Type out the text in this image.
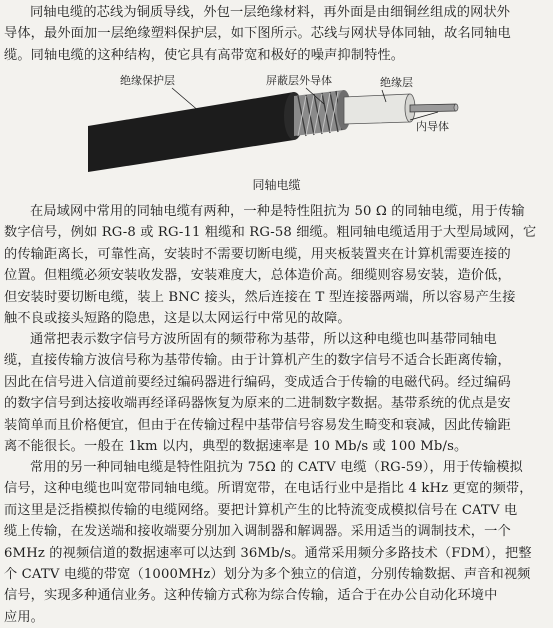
同轴电缆的芯线为铜质导线，外包一层绝缘材料，再外面是由细铜丝组成的网状外
导体，最外面加一层绝缘塑料保护层，如下图所示。芯线与网状导体同轴，故名同轴电
缆。同轴电缆的这种结构，使它具有高带宽和极好的噪声抑制特性。
绝缘保护层	屏蔽层外导体	绝缘层
内导体
同轴电缆
在局域网中常用的同轴电缆有两种，一种是特性阻抗为 50 Ω 的同轴电缆，用于传输
数字信号，例如 RG-8 或 RG-11 粗缆和 RG-58 细缆。粗同轴电缆适用于大型局域网，它
的传输距离长，可靠性高，安装时不需要切断电缆，用夹板装置夹在计算机需要连接的
位置。但粗缆必须安装收发器，安装难度大，总体造价高。细缆则容易安装，造价低，
但安装时要切断电缆，装上 BNC 接头，然后连接在 T 型连接器两端，所以容易产生接
触不良或接头短路的隐患，这是以太网运行中常见的故障。
通常把表示数字信号方波所固有的频带称为基带，所以这种电缆也叫基带同轴电
缆，直接传输方波信号称为基带传输。由于计算机产生的数字信号不适合长距离传输，
因此在信号进入信道前要经过编码器进行编码，变成适合于传输的电磁代码。经过编码
的数字信号到达接收端再经译码器恢复为原来的二进制数字数据。基带系统的优点是安
装简单而且价格便宜，但由于在传输过程中基带信号容易发生畸变和衰减，因此传输距
离不能很长。一般在 1km 以内，典型的数据速率是 10 Mb/s 或 100 Mb/s。
常用的另一种同轴电缆是特性阻抗为 75Ω 的 CATV 电缆（RG-59），用于传输模拟
信号，这种电缆也叫宽带同轴电缆。所谓宽带，在电话行业中是指比 4 kHz 更宽的频带，
而这里是泛指模拟传输的电缆网络。要把计算机产生的比特流变成模拟信号在 CATV 电
缆上传输，在发送端和接收端要分别加入调制器和解调器。采用适当的调制技术，一个
6MHz 的视频信道的数据速率可以达到 36Mb/s。通常采用频分多路技术（FDM），把整
个 CATV 电缆的带宽（1000MHz）划分为多个独立的信道，分别传输数据、声音和视频
信号，实现多种通信业务。这种传输方式称为综合传输，适合于在办公自动化环境中
应用。
